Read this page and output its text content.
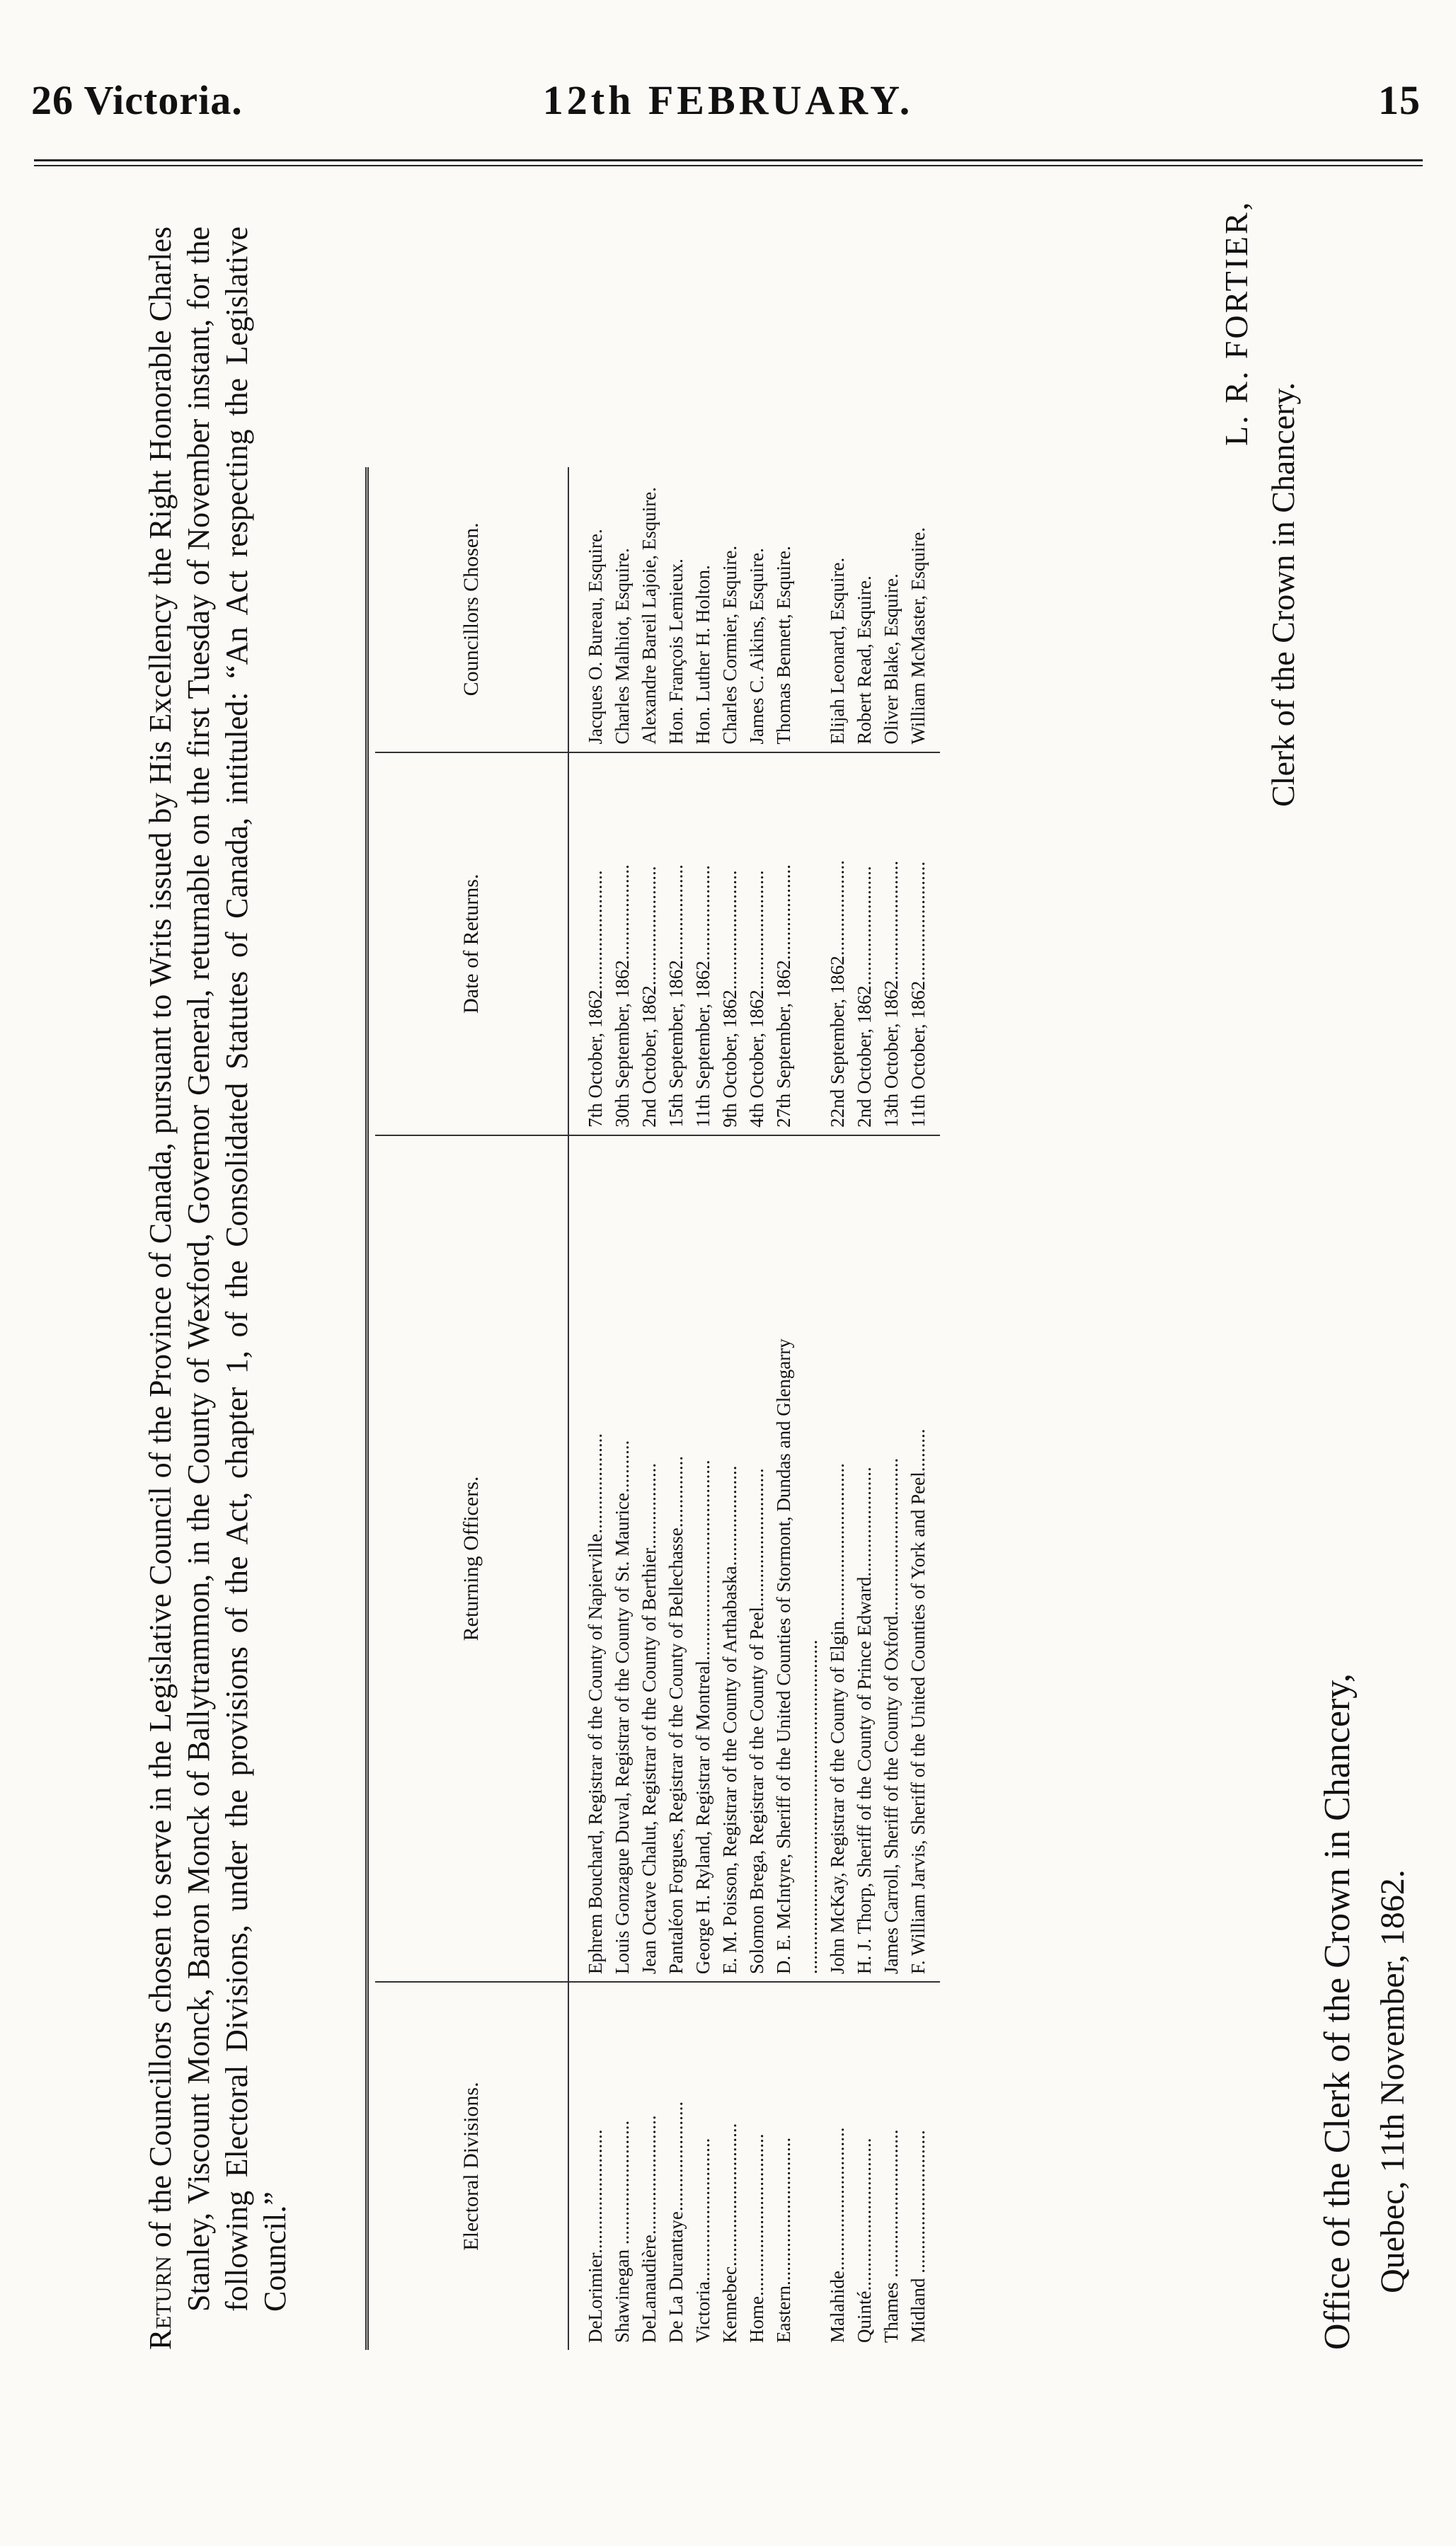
26 Victoria.	12th FEBRUARY.	15

Return of the Councillors chosen to serve in the Legislative Council of the Province of Canada, pursuant to Writs issued by His Excellency the Right Honorable Charles Stanley, Viscount Monck, Baron Monck of Ballytrammon, in the County of Wexford, Governor General, returnable on the first Tuesday of November instant, for the following Electoral Divisions, under the provisions of the Act, chapter 1, of the Consolidated Statutes of Canada, intituled: “An Act respecting the Legislative Council.”

Electoral Divisions.	Returning Officers.	Date of Returns.	Councillors Chosen.
DeLorimier..........................	Ephrem Bouchard, Registrar of the County of Napierville.....................	7th October, 1862.........................	Jacques O. Bureau, Esquire.
Shawinegan ..........................	Louis Gonzague Duval, Registrar of the County of St. Maurice...........	30th September, 1862....................	Charles Malhiot, Esquire.
DeLanaudière.........................	Jean Octave Chalut, Registrar of the County of Berthier..................	2nd October, 1862.........................	Alexandre Bareil Lajoie, Esquire.
De La Durantaye.......................	Pantaléon Forgues, Registrar of the County of Bellechasse...............	15th September, 1862....................	Hon. François Lemieux.
Victoria..............................	George H. Ryland, Registrar of Montreal..........................................	11th September, 1862....................	Hon. Luther H. Holton.
Kennebec..............................	E. M. Poisson, Registrar of the County of Arthabaska.....................	9th October, 1862.........................	Charles Cormier, Esquire.
Home..................................	Solomon Brega, Registrar of the County of Peel.............................	4th October, 1862.........................	James C. Aikins, Esquire.
Eastern...............................	D. E. McIntyre, Sheriff of the United Counties of Stormont, Dundas and Glengarry ......................................................................	27th September, 1862....................	Thomas Bennett, Esquire.
Malahide..............................	John McKay, Registrar of the County of Elgin.................................	22nd September, 1862....................	Elijah Leonard, Esquire.
Quinté................................	H. J. Thorp, Sheriff of the County of Prince Edward.......................	2nd October, 1862.........................	Robert Read, Esquire.
Thames ...............................	James Carroll, Sheriff of the County of Oxford.................................	13th October, 1862.........................	Oliver Blake, Esquire.
Midland ..............................	F. William Jarvis, Sheriff of the United Counties of York and Peel.........	11th October, 1862.........................	William McMaster, Esquire.
L. R. FORTIER,
Clerk of the Crown in Chancery.
Office of the Clerk of the Crown in Chancery, Quebec, 11th November, 1862.
